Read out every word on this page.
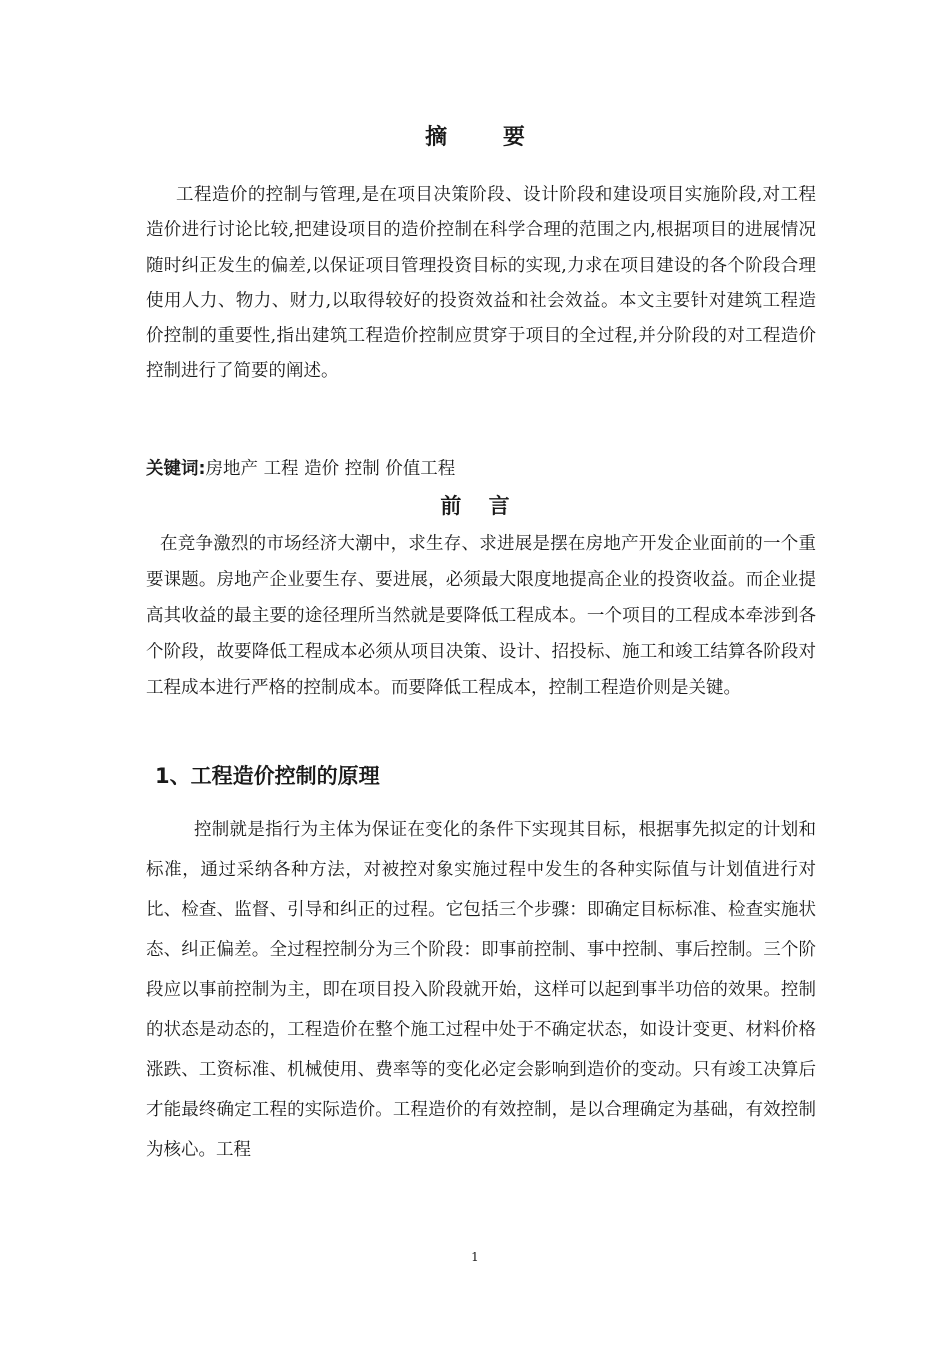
摘 要
工程造价的控制与管理,是在项目决策阶段、设计阶段和建设项目实施阶段,对工程造价进行讨论比较,把建设项目的造价控制在科学合理的范围之内,根据项目的进展情况随时纠正发生的偏差,以保证项目管理投资目标的实现,力求在项目建设的各个阶段合理使用人力、物力、财力,以取得较好的投资效益和社会效益。本文主要针对建筑工程造价控制的重要性,指出建筑工程造价控制应贯穿于项目的全过程,并分阶段的对工程造价控制进行了简要的阐述。
关键词:房地产 工程 造价 控制 价值工程
前 言
在竞争激烈的市场经济大潮中，求生存、求进展是摆在房地产开发企业面前的一个重要课题。房地产企业要生存、要进展，必须最大限度地提高企业的投资收益。而企业提高其收益的最主要的途径理所当然就是要降低工程成本。一个项目的工程成本牵涉到各个阶段，故要降低工程成本必须从项目决策、设计、招投标、施工和竣工结算各阶段对工程成本进行严格的控制成本。而要降低工程成本，控制工程造价则是关键。
1、工程造价控制的原理
控制就是指行为主体为保证在变化的条件下实现其目标，根据事先拟定的计划和标准，通过采纳各种方法，对被控对象实施过程中发生的各种实际值与计划值进行对比、检查、监督、引导和纠正的过程。它包括三个步骤：即确定目标标准、检查实施状态、纠正偏差。全过程控制分为三个阶段：即事前控制、事中控制、事后控制。三个阶段应以事前控制为主，即在项目投入阶段就开始，这样可以起到事半功倍的效果。控制的状态是动态的，工程造价在整个施工过程中处于不确定状态，如设计变更、材料价格涨跌、工资标准、机械使用、费率等的变化必定会影响到造价的变动。只有竣工决算后才能最终确定工程的实际造价。工程造价的有效控制，是以合理确定为基础，有效控制为核心。工程
1
